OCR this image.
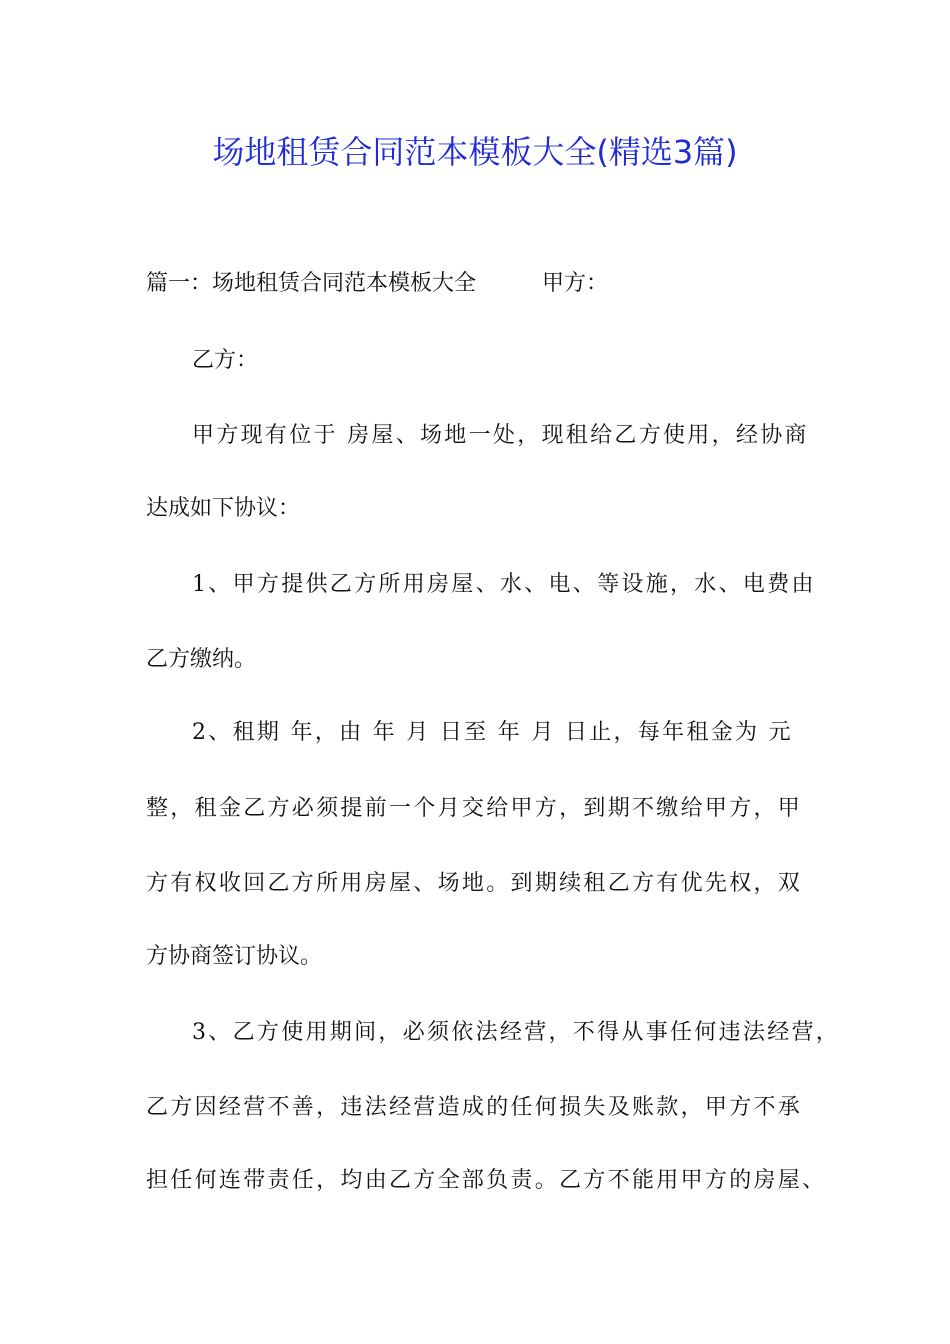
场地租赁合同范本模板大全(精选3篇)
篇一：场地租赁合同范本模板大全　　　甲方：
乙方：
甲方现有位于 房屋、场地一处，现租给乙方使用，经协商
达成如下协议：
1、甲方提供乙方所用房屋、水、电、等设施，水、电费由
乙方缴纳。
2、租期 年，由 年 月 日至 年 月 日止，每年租金为 元
整，租金乙方必须提前一个月交给甲方，到期不缴给甲方，甲
方有权收回乙方所用房屋、场地。到期续租乙方有优先权，双
方协商签订协议。
3、乙方使用期间，必须依法经营，不得从事任何违法经营，
乙方因经营不善，违法经营造成的任何损失及账款，甲方不承
担任何连带责任，均由乙方全部负责。乙方不能用甲方的房屋、
